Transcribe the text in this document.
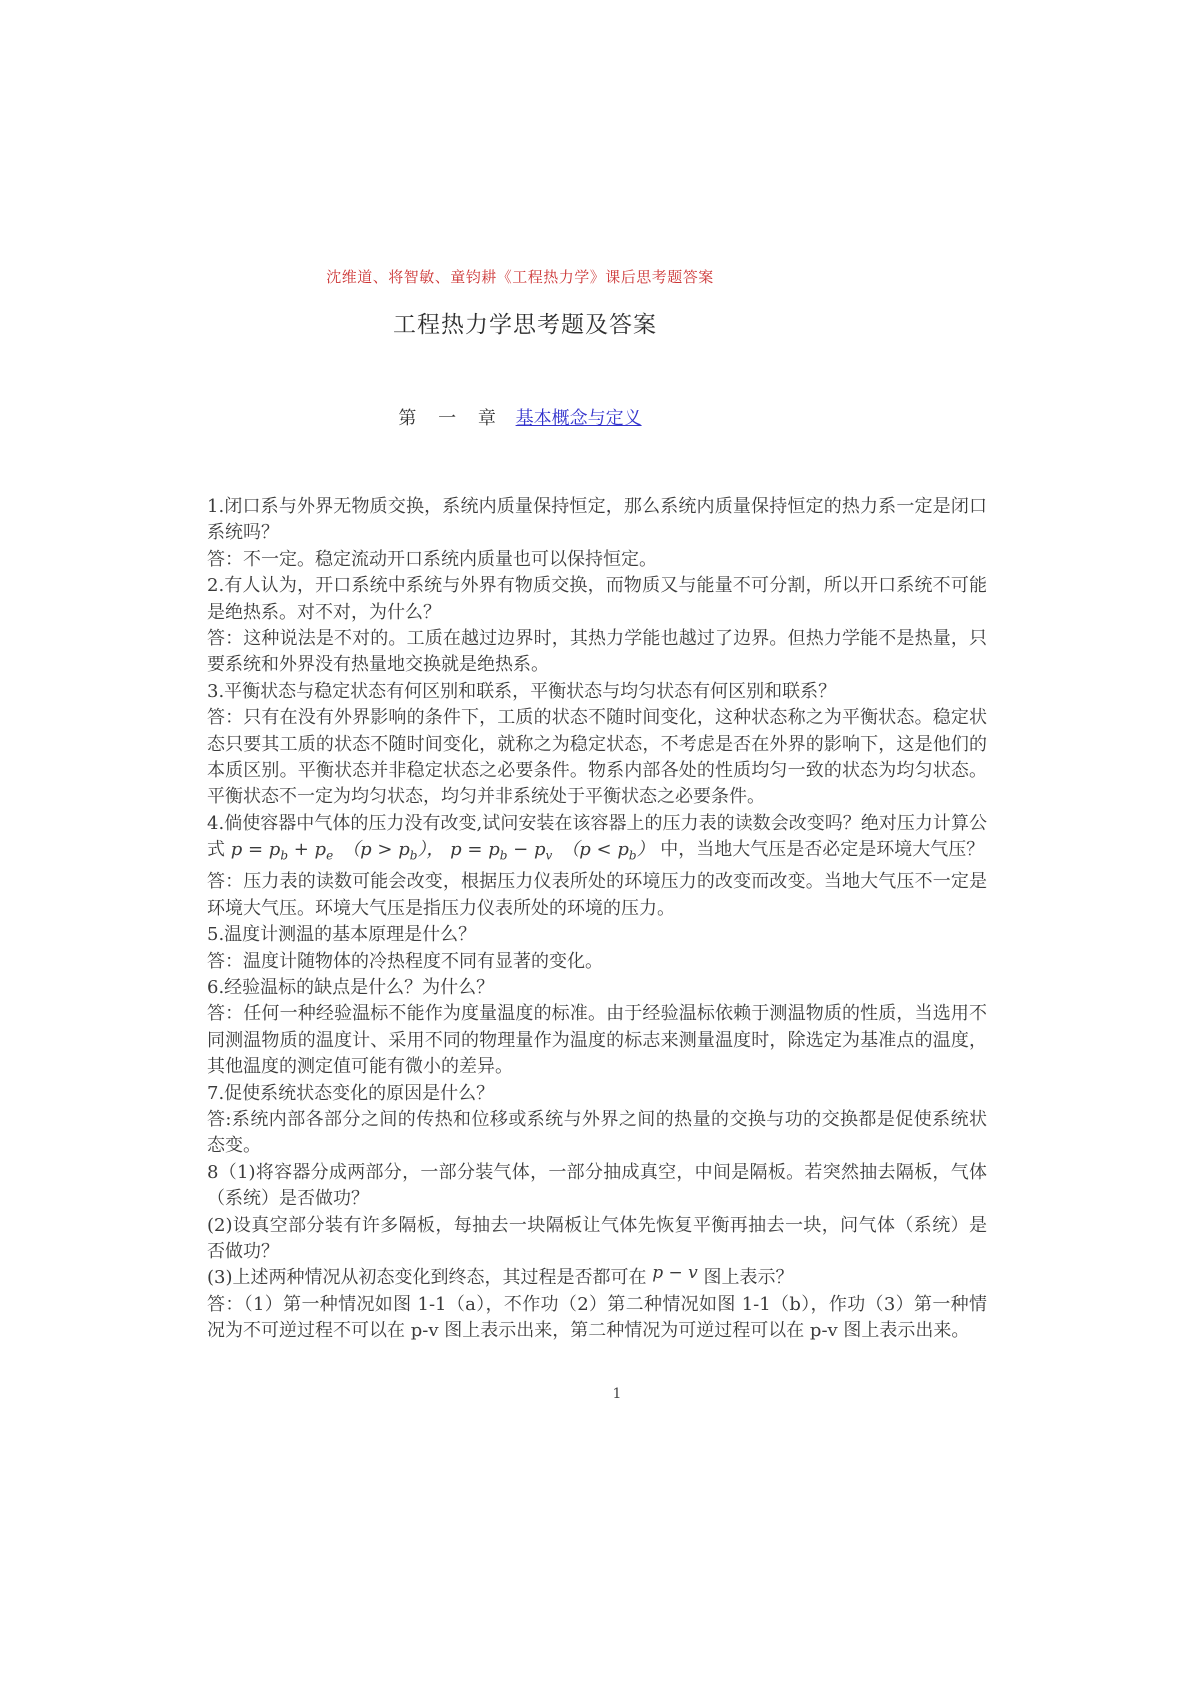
沈维道、将智敏、童钧耕《工程热力学》课后思考题答案
工程热力学思考题及答案
第 一 章 基本概念与定义

1.闭口系与外界无物质交换，系统内质量保持恒定，那么系统内质量保持恒定的热力系一定是闭口系统吗？

答：不一定。稳定流动开口系统内质量也可以保持恒定。

2.有人认为，开口系统中系统与外界有物质交换，而物质又与能量不可分割，所以开口系统不可能是绝热系。对不对，为什么？

答：这种说法是不对的。工质在越过边界时，其热力学能也越过了边界。但热力学能不是热量，只要系统和外界没有热量地交换就是绝热系。

3.平衡状态与稳定状态有何区别和联系，平衡状态与均匀状态有何区别和联系？

答：只有在没有外界影响的条件下，工质的状态不随时间变化，这种状态称之为平衡状态。稳定状态只要其工质的状态不随时间变化，就称之为稳定状态，不考虑是否在外界的影响下，这是他们的本质区别。平衡状态并非稳定状态之必要条件。物系内部各处的性质均匀一致的状态为均匀状态。平衡状态不一定为均匀状态，均匀并非系统处于平衡状态之必要条件。

4.倘使容器中气体的压力没有改变,试问安装在该容器上的压力表的读数会改变吗？绝对压力计算公式 $p = p_b + p_e$　$(p > p_b)$， $p = p_b - p_v$　$(p < p_b)$ 中，当地大气压是否必定是环境大气压？

答：压力表的读数可能会改变，根据压力仪表所处的环境压力的改变而改变。当地大气压不一定是环境大气压。环境大气压是指压力仪表所处的环境的压力。

5.温度计测温的基本原理是什么？

答：温度计随物体的冷热程度不同有显著的变化。

6.经验温标的缺点是什么？为什么？

答：任何一种经验温标不能作为度量温度的标准。由于经验温标依赖于测温物质的性质，当选用不同测温物质的温度计、采用不同的物理量作为温度的标志来测量温度时，除选定为基准点的温度，其他温度的测定值可能有微小的差异。

7.促使系统状态变化的原因是什么？

答:系统内部各部分之间的传热和位移或系统与外界之间的热量的交换与功的交换都是促使系统状态变。

8（1)将容器分成两部分，一部分装气体，一部分抽成真空，中间是隔板。若突然抽去隔板，气体（系统）是否做功？

(2)设真空部分装有许多隔板，每抽去一块隔板让气体先恢复平衡再抽去一块，问气体（系统）是否做功？

(3)上述两种情况从初态变化到终态，其过程是否都可在 p − v 图上表示？

答：（1）第一种情况如图 1-1（a），不作功（2）第二种情况如图 1-1（b），作功（3）第一种情况为不可逆过程不可以在 p-v 图上表示出来，第二种情况为可逆过程可以在 p-v 图上表示出来。

1
